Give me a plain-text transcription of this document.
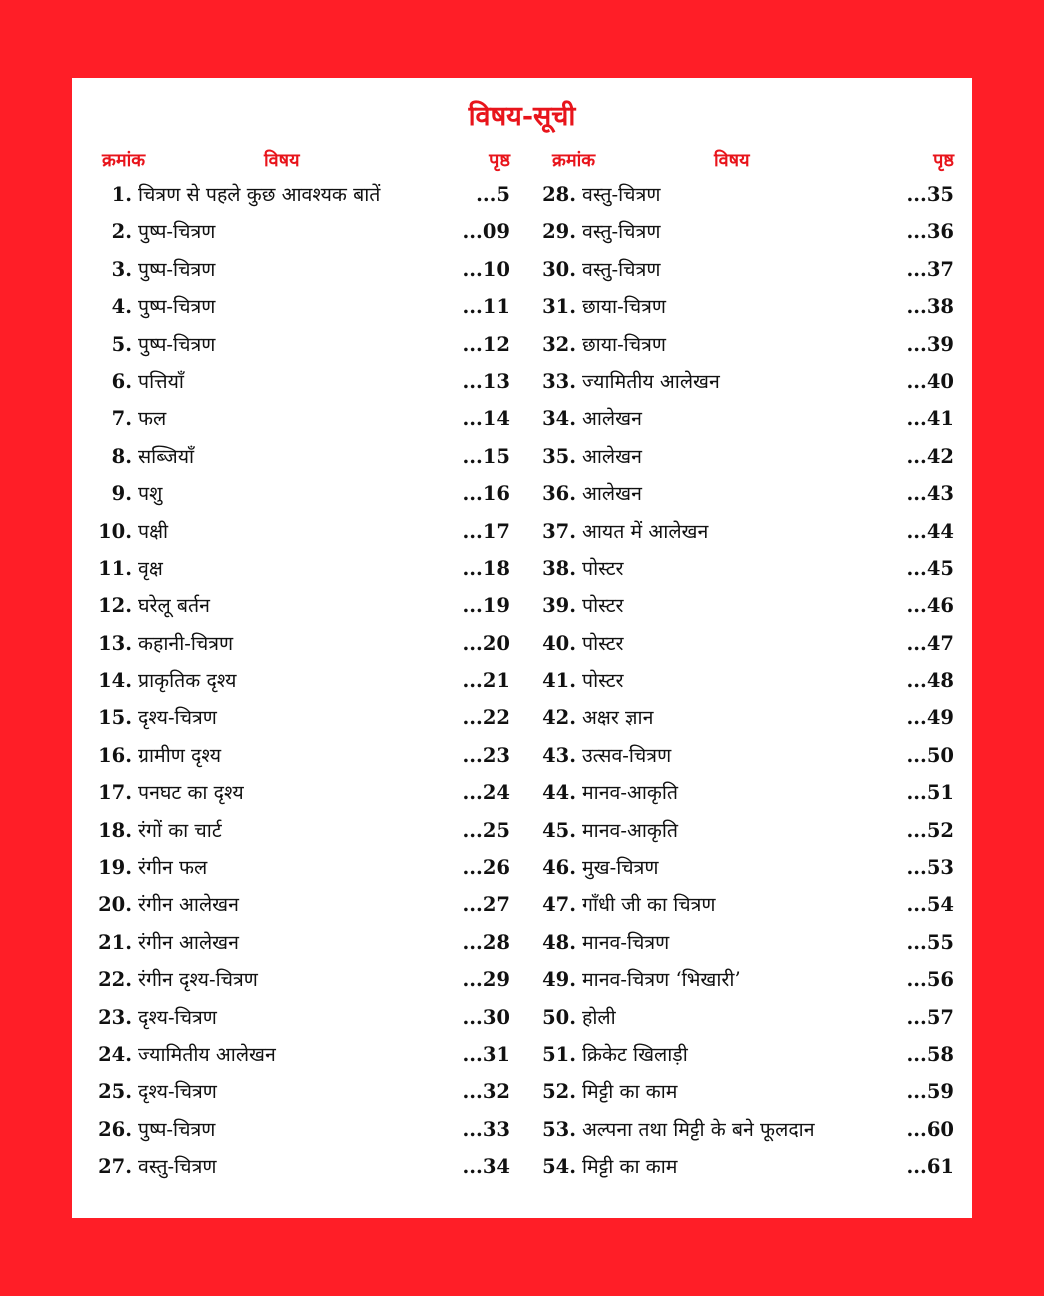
विषय-सूची
क्रमांक	विषय	पृष्ठ
1. चित्रण से पहले कुछ आवश्यक बातें	...5
2. पुष्प-चित्रण	...09
3. पुष्प-चित्रण	...10
4. पुष्प-चित्रण	...11
5. पुष्प-चित्रण	...12
6. पत्तियाँ	...13
7. फल	...14
8. सब्जियाँ	...15
9. पशु	...16
10. पक्षी	...17
11. वृक्ष	...18
12. घरेलू बर्तन	...19
13. कहानी-चित्रण	...20
14. प्राकृतिक दृश्य	...21
15. दृश्य-चित्रण	...22
16. ग्रामीण दृश्य	...23
17. पनघट का दृश्य	...24
18. रंगों का चार्ट	...25
19. रंगीन फल	...26
20. रंगीन आलेखन	...27
21. रंगीन आलेखन	...28
22. रंगीन दृश्य-चित्रण	...29
23. दृश्य-चित्रण	...30
24. ज्यामितीय आलेखन	...31
25. दृश्य-चित्रण	...32
26. पुष्प-चित्रण	...33
27. वस्तु-चित्रण	...34
क्रमांक	विषय	पृष्ठ
28. वस्तु-चित्रण	...35
29. वस्तु-चित्रण	...36
30. वस्तु-चित्रण	...37
31. छाया-चित्रण	...38
32. छाया-चित्रण	...39
33. ज्यामितीय आलेखन	...40
34. आलेखन	...41
35. आलेखन	...42
36. आलेखन	...43
37. आयत में आलेखन	...44
38. पोस्टर	...45
39. पोस्टर	...46
40. पोस्टर	...47
41. पोस्टर	...48
42. अक्षर ज्ञान	...49
43. उत्सव-चित्रण	...50
44. मानव-आकृति	...51
45. मानव-आकृति	...52
46. मुख-चित्रण	...53
47. गाँधी जी का चित्रण	...54
48. मानव-चित्रण	...55
49. मानव-चित्रण ‘भिखारी’	...56
50. होली	...57
51. क्रिकेट खिलाड़ी	...58
52. मिट्टी का काम	...59
53. अल्पना तथा मिट्टी के बने फूलदान	...60
54. मिट्टी का काम	...61
